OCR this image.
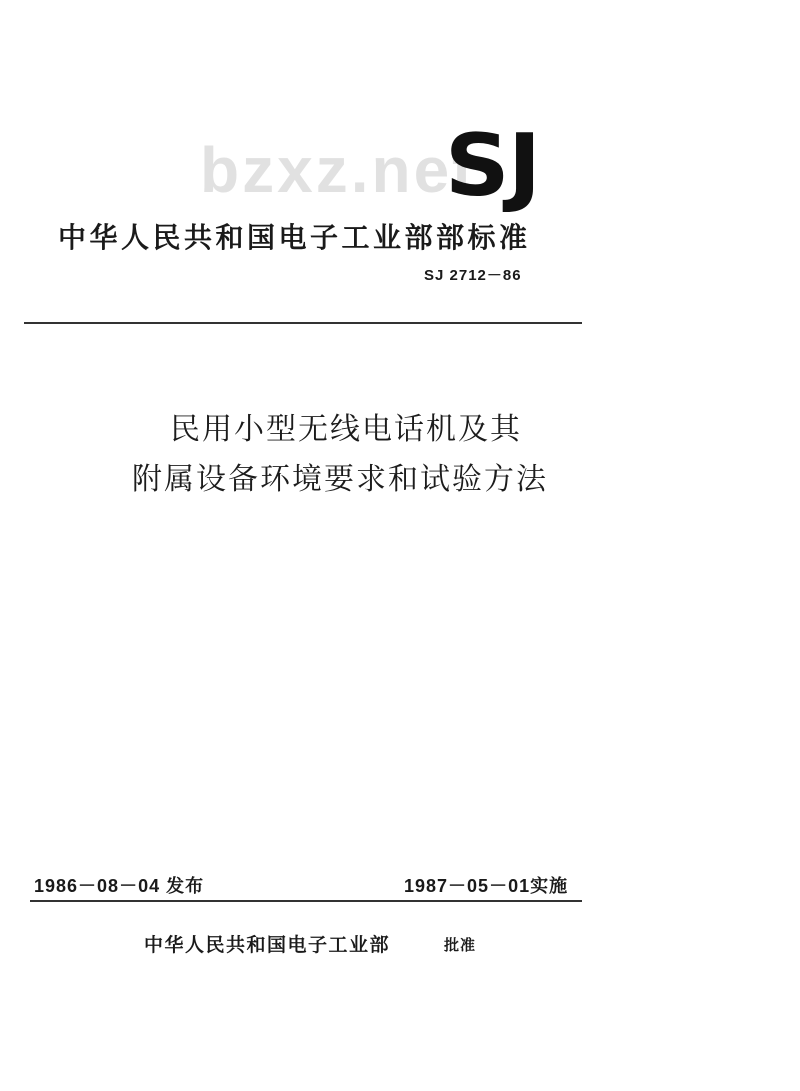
bzxz.net
SJ
中华人民共和国电子工业部部标准
SJ 2712－86
民用小型无线电话机及其
附属设备环境要求和试验方法
1986－08－04 发布	1987－05－01实施
中华人民共和国电子工业部	批准
